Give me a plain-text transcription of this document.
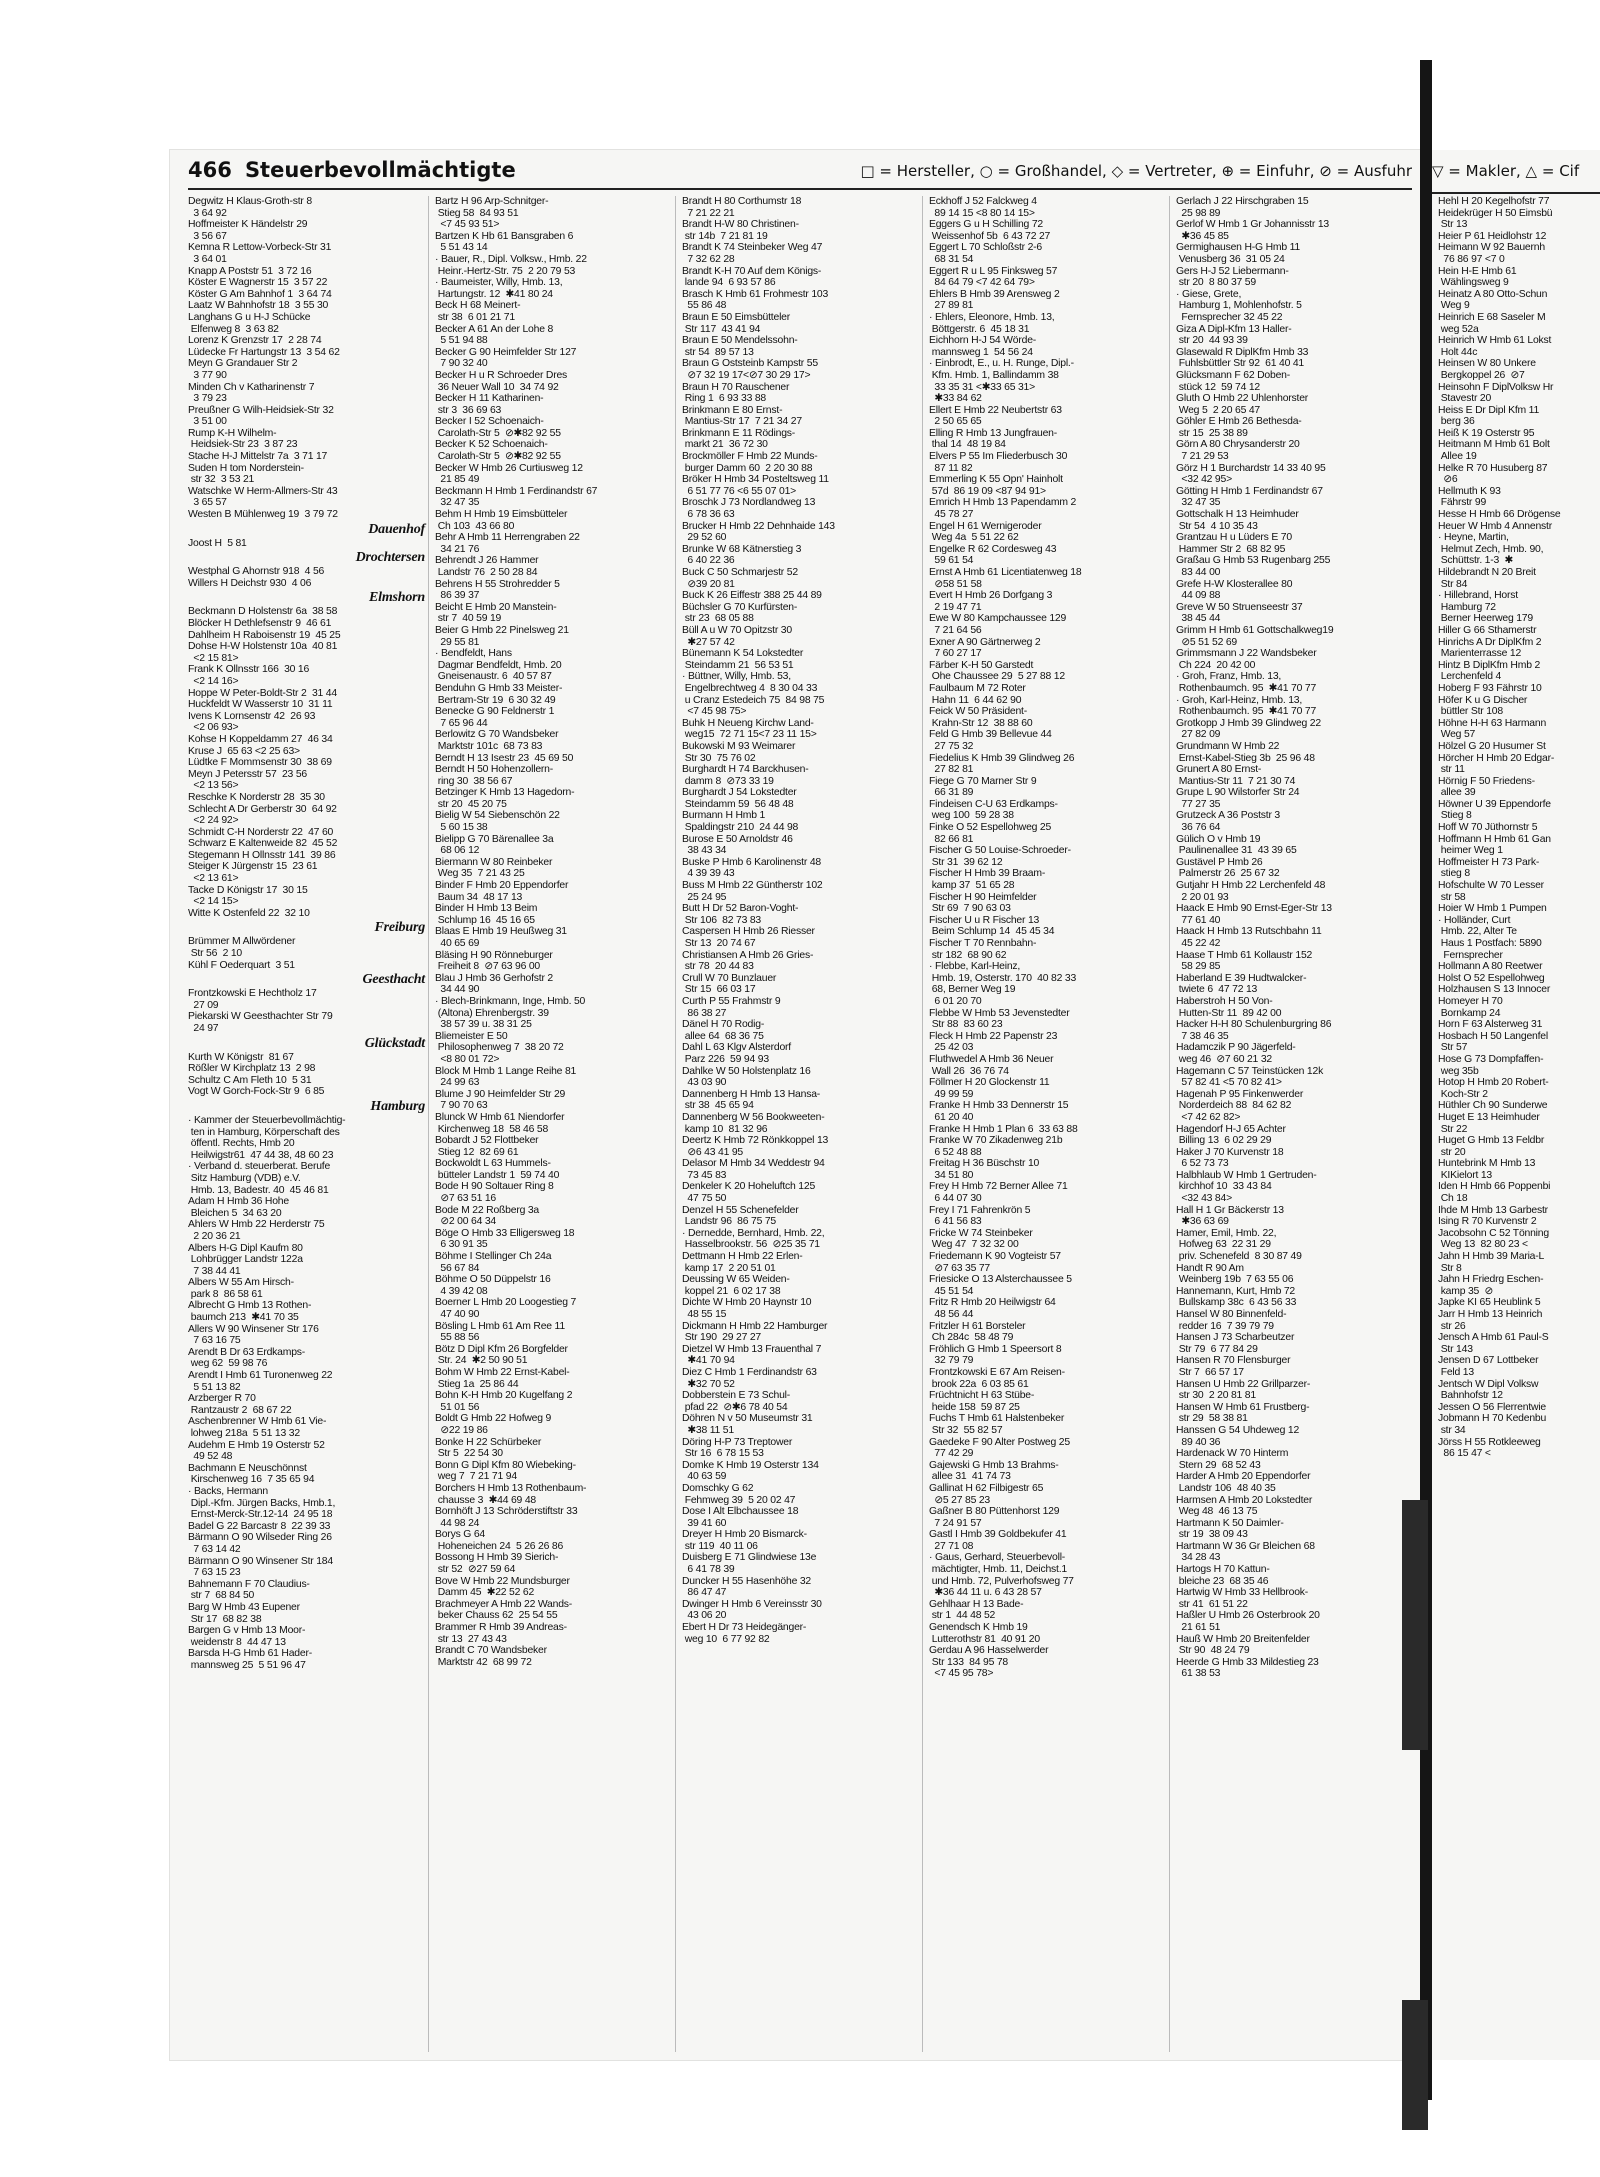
466 Steuerbevollmächtigte	□ = Hersteller, ○ = Großhandel, ◇ = Vertreter, ⊕ = Einfuhr, ⊘ = Ausfuhr
Degwitz H Klaus-Groth-str 8
3 64 92
Hoffmeister K Händelstr 29
3 56 67
Kemna R Lettow-Vorbeck-Str 31
3 64 01
Knapp A Poststr 51  3 72 16
Köster E Wagnerstr 15  3 57 22
Köster G Am Bahnhof 1  3 64 74
Laatz W Bahnhofstr 18  3 55 30
Langhans G u H-J Schücke
Elfenweg 8  3 63 82
Lorenz K Grenzstr 17  2 28 74
Lüdecke Fr Hartungstr 13  3 54 62
Meyn G Grandauer Str 2
3 77 90
Minden Ch v Katharinenstr 7
3 79 23
Preußner G Wilh-Heidsiek-Str 32
3 51 00
Rump K-H Wilhelm-
Heidsiek-Str 23  3 87 23
Stache H-J Mittelstr 7a  3 71 17
Suden H tom Norderstein-
str 32  3 53 21
Watschke W Herm-Allmers-Str 43
3 65 57
Westen B Mühlenweg 19  3 79 72
Dauenhof
Joost H  5 81
Drochtersen
Westphal G Ahornstr 918  4 56
Willers H Deichstr 930  4 06
Elmshorn
Beckmann D Holstenstr 6a  38 58
Blöcker H Dethlefsenstr 9  46 61
Dahlheim H Raboisenstr 19  45 25
Dohse H-W Holstenstr 10a  40 81
<2 15 81>
Frank K Ollnsstr 166  30 16
<2 14 16>
Hoppe W Peter-Boldt-Str 2  31 44
Huckfeldt W Wasserstr 10  31 11
Ivens K Lornsenstr 42  26 93
<2 06 93>
Kohse H Koppeldamm 27  46 34
Kruse J  65 63 <2 25 63>
Lüdtke F Mommsenstr 30  38 69
Meyn J Petersstr 57  23 56
<2 13 56>
Reschke K Norderstr 28  35 30
Schlecht A Dr Gerberstr 30  64 92
<2 24 92>
Schmidt C-H Norderstr 22  47 60
Schwarz E Kaltenweide 82  45 52
Stegemann H Ollnsstr 141  39 86
Steiger K Jürgenstr 15  23 61
<2 13 61>
Tacke D Königstr 17  30 15
<2 14 15>
Witte K Ostenfeld 22  32 10
Freiburg
Brümmer M Allwördener
Str 56  2 10
Kühl F Oederquart  3 51
Geesthacht
Frontzkowski E Hechtholz 17
27 09
Piekarski W Geesthachter Str 79
24 97
Glückstadt
Kurth W Königstr  81 67
Rößler W Kirchplatz 13  2 98
Schultz C Am Fleth 10  5 31
Vogt W Gorch-Fock-Str 9  6 85
Hamburg
· Kammer der Steuerbevollmächtig-
ten in Hamburg, Körperschaft des
öffentl. Rechts, Hmb 20
Heilwigstr61  47 44 38, 48 60 23
· Verband d. steuerberat. Berufe
Sitz Hamburg (VDB) e.V.
Hmb. 13, Badestr. 40  45 46 81
Adam H Hmb 36 Hohe
Bleichen 5  34 63 20
Ahlers W Hmb 22 Herderstr 75
2 20 36 21
Albers H-G Dipl Kaufm 80
Lohbrügger Landstr 122a
7 38 44 41
Albers W 55 Am Hirsch-
park 8  86 58 61
Albrecht G Hmb 13 Rothen-
baumch 213  ✱41 70 35
Allers W 90 Winsener Str 176
7 63 16 75
Arendt B Dr 63 Erdkamps-
weg 62  59 98 76
Arendt I Hmb 61 Turonenweg 22
5 51 13 82
Arzberger R 70
Rantzaustr 2  68 67 22
Aschenbrenner W Hmb 61 Vie-
lohweg 218a  5 51 13 32
Audehm E Hmb 19 Osterstr 52
49 52 48
Bachmann E Neuschönnst
Kirschenweg 16  7 35 65 94
· Backs, Hermann
Dipl.-Kfm. Jürgen Backs, Hmb.1,
Ernst-Merck-Str.12-14  24 95 18
Badel G 22 Barcastr 8  22 39 33
Bärmann O 90 Wilseder Ring 26
7 63 14 42
Bärmann O 90 Winsener Str 184
7 63 15 23
Bahnemann F 70 Claudius-
str 7  68 84 50
Barg W Hmb 43 Eupener
Str 17  68 82 38
Bargen G v Hmb 13 Moor-
weidenstr 8  44 47 13
Barsda H-G Hmb 61 Hader-
mannsweg 25  5 51 96 47
Bartz H 96 Arp-Schnitger-
Stieg 58  84 93 51
<7 45 93 51>
Bartzen K Hb 61 Bansgraben 6
5 51 43 14
· Bauer, R., Dipl. Volksw., Hmb. 22
Heinr.-Hertz-Str. 75  2 20 79 53
· Baumeister, Willy, Hmb. 13,
Hartungstr. 12  ✱41 80 24
Beck H 68 Meinert-
str 38  6 01 21 71
Becker A 61 An der Lohe 8
5 51 94 88
Becker G 90 Heimfelder Str 127
7 90 32 40
Becker H u R Schroeder Dres
36 Neuer Wall 10  34 74 92
Becker H 11 Katharinen-
str 3  36 69 63
Becker I 52 Schoenaich-
Carolath-Str 5  ⊘✱82 92 55
Becker K 52 Schoenaich-
Carolath-Str 5  ⊘✱82 92 55
Becker W Hmb 26 Curtiusweg 12
21 85 49
Beckmann H Hmb 1 Ferdinandstr 67
32 47 35
Behm H Hmb 19 Eimsbütteler
Ch 103  43 66 80
Behr A Hmb 11 Herrengraben 22
34 21 76
Behrendt J 26 Hammer
Landstr 76  2 50 28 84
Behrens H 55 Strohredder 5
86 39 37
Beicht E Hmb 20 Manstein-
str 7  40 59 19
Beier G Hmb 22 Pinelsweg 21
29 55 81
· Bendfeldt, Hans
Dagmar Bendfeldt, Hmb. 20
Gneisenaustr. 6  40 57 87
Benduhn G Hmb 33 Meister-
Bertram-Str 19  6 30 32 49
Benecke G 90 Feldnerstr 1
7 65 96 44
Berlowitz G 70 Wandsbeker
Marktstr 101c  68 73 83
Berndt H 13 Isestr 23  45 69 50
Berndt H 50 Hohenzollern-
ring 30  38 56 67
Betzinger K Hmb 13 Hagedorn-
str 20  45 20 75
Bielig W 54 Siebenschön 22
5 60 15 38
Bielipp G 70 Bärenallee 3a
68 06 12
Biermann W 80 Reinbeker
Weg 35  7 21 43 25
Binder F Hmb 20 Eppendorfer
Baum 34  48 17 13
Binder H Hmb 13 Beim
Schlump 16  45 16 65
Blaas E Hmb 19 Heußweg 31
40 65 69
Bläsing H 90 Rönneburger
Freiheit 8  ⊘7 63 96 00
Blau J Hmb 36 Gerhofstr 2
34 44 90
· Blech-Brinkmann, Inge, Hmb. 50
(Altona) Ehrenbergstr. 39
38 57 39 u. 38 31 25
Bliemeister E 50
Philosophenweg 7  38 20 72
<8 80 01 72>
Block M Hmb 1 Lange Reihe 81
24 99 63
Blume J 90 Heimfelder Str 29
7 90 70 63
Blunck W Hmb 61 Niendorfer
Kirchenweg 18  58 46 58
Bobardt J 52 Flottbeker
Stieg 12  82 69 61
Bockwoldt L 63 Hummels-
bütteler Landstr 1  59 74 40
Bode H 90 Soltauer Ring 8
⊘7 63 51 16
Bode M 22 Roßberg 3a
⊘2 00 64 34
Böge O Hmb 33 Elligersweg 18
6 30 91 35
Böhme I Stellinger Ch 24a
56 67 84
Böhme O 50 Düppelstr 16
4 39 42 08
Boerner L Hmb 20 Loogestieg 7
47 40 90
Bösling L Hmb 61 Am Ree 11
55 88 56
Bötz D Dipl Kfm 26 Borgfelder
Str. 24  ✱2 50 90 51
Bohm W Hmb 22 Ernst-Kabel-
Stieg 1a  25 86 44
Bohn K-H Hmb 20 Kugelfang 2
51 01 56
Boldt G Hmb 22 Hofweg 9
⊘22 19 86
Bonke H 22 Schürbeker
Str 5  22 54 30
Bonn G Dipl Kfm 80 Wiebeking-
weg 7  7 21 71 94
Borchers H Hmb 13 Rothenbaum-
chausse 3  ✱44 69 48
Bornhöft J 13 Schröderstiftstr 33
44 98 24
Borys G 64
Hoheneichen 24  5 26 26 86
Bossong H Hmb 39 Sierich-
str 52  ⊘27 59 64
Bove W Hmb 22 Mundsburger
Damm 45  ✱22 52 62
Brachmeyer A Hmb 22 Wands-
beker Chauss 62  25 54 55
Brammer R Hmb 39 Andreas-
str 13  27 43 43
Brandt C 70 Wandsbeker
Marktstr 42  68 99 72
Brandt H 80 Corthumstr 18
7 21 22 21
Brandt H-W 80 Christinen-
str 14b  7 21 81 19
Brandt K 74 Steinbeker Weg 47
7 32 62 28
Brandt K-H 70 Auf dem Königs-
lande 94  6 93 57 86
Brasch K Hmb 61 Frohmestr 103
55 86 48
Braun E 50 Eimsbütteler
Str 117  43 41 94
Braun E 50 Mendelssohn-
str 54  89 57 13
Braun G Oststeinb Kampstr 55
⊘7 32 19 17<⊘7 30 29 17>
Braun H 70 Rauschener
Ring 1  6 93 33 88
Brinkmann E 80 Ernst-
Mantius-Str 17  7 21 34 27
Brinkmann E 11 Rödings-
markt 21  36 72 30
Brockmöller F Hmb 22 Munds-
burger Damm 60  2 20 30 88
Bröker H Hmb 34 Posteltsweg 11
6 51 77 76 <6 55 07 01>
Broschk J 73 Nordlandweg 13
6 78 36 63
Brucker H Hmb 22 Dehnhaide 143
29 52 60
Brunke W 68 Kätnerstieg 3
6 40 22 36
Buck C 50 Schmarjestr 52
⊘39 20 81
Buck K 26 Eiffestr 388 25 44 89
Büchsler G 70 Kurfürsten-
str 23  68 05 88
Büll A u W 70 Opitzstr 30
✱27 57 42
Bünemann K 54 Lokstedter
Steindamm 21  56 53 51
· Büttner, Willy, Hmb. 53,
Engelbrechtweg 4  8 30 04 33
u Cranz Estedeich 75  84 98 75
<7 45 98 75>
Buhk H Neueng Kirchw Land-
weg15  72 71 15<7 23 11 15>
Bukowski M 93 Weimarer
Str 30  75 76 02
Burghardt H 74 Barckhusen-
damm 8  ⊘73 33 19
Burghardt J 54 Lokstedter
Steindamm 59  56 48 48
Burmann H Hmb 1
Spaldingstr 210  24 44 98
Burose E 50 Arnoldstr 46
38 43 34
Buske P Hmb 6 Karolinenstr 48
4 39 39 43
Buss M Hmb 22 Güntherstr 102
25 24 95
Butt H Dr 52 Baron-Voght-
Str 106  82 73 83
Caspersen H Hmb 26 Riesser
Str 13  20 74 67
Christiansen A Hmb 26 Gries-
str 78  20 44 83
Crull W 70 Bunzlauer
Str 15  66 03 17
Curth P 55 Frahmstr 9
86 38 27
Dänel H 70 Rodig-
allee 64  68 36 75
Dahl L 63 Klgv Alsterdorf
Parz 226  59 94 93
Dahlke W 50 Holstenplatz 16
43 03 90
Dannenberg H Hmb 13 Hansa-
str 38  45 65 94
Dannenberg W 56 Bookweeten-
kamp 10  81 32 96
Deertz K Hmb 72 Rönkkoppel 13
⊘6 43 41 95
Delasor M Hmb 34 Weddestr 94
73 45 83
Denkeler K 20 Hoheluftch 125
47 75 50
Denzel H 55 Schenefelder
Landstr 96  86 75 75
· Dernedde, Bernhard, Hmb. 22,
Hasselbrookstr. 56  ⊘25 35 71
Dettmann H Hmb 22 Erlen-
kamp 17  2 20 51 01
Deussing W 65 Weiden-
koppel 21  6 02 17 38
Dichte W Hmb 20 Haynstr 10
48 55 15
Dickmann H Hmb 22 Hamburger
Str 190  29 27 27
Dietzel W Hmb 13 Frauenthal 7
✱41 70 94
Diez C Hmb 1 Ferdinandstr 63
✱32 70 52
Dobberstein E 73 Schul-
pfad 22  ⊘✱6 78 40 54
Döhren N v 50 Museumstr 31
✱38 11 51
Döring H-P 73 Treptower
Str 16  6 78 15 53
Domke K Hmb 19 Osterstr 134
40 63 59
Domschky G 62
Fehmweg 39  5 20 02 47
Dose I Alt Elbchaussee 18
39 41 60
Dreyer H Hmb 20 Bismarck-
str 119  40 11 06
Duisberg E 71 Glindwiese 13e
6 41 78 39
Duncker H 55 Hasenhöhe 32
86 47 47
Dwinger H Hmb 6 Vereinsstr 30
43 06 20
Ebert H Dr 73 Heidegänger-
weg 10  6 77 92 82
Eckhoff J 52 Falckweg 4
89 14 15 <8 80 14 15>
Eggers G u H Schilling 72
Weissenhof 5b  6 43 72 27
Eggert L 70 Schloßstr 2-6
68 31 54
Eggert R u L 95 Finksweg 57
84 64 79 <7 42 64 79>
Ehlers B Hmb 39 Arensweg 2
27 89 81
· Ehlers, Eleonore, Hmb. 13,
Böttgerstr. 6  45 18 31
Eichhorn H-J 54 Wörde-
mannsweg 1  54 56 24
· Einbrodt, E., u. H. Runge, Dipl.-
Kfm. Hmb. 1, Ballindamm 38
33 35 31 <✱33 65 31>
✱33 84 62
Ellert E Hmb 22 Neubertstr 63
2 50 65 65
Elling R Hmb 13 Jungfrauen-
thal 14  48 19 84
Elvers P 55 Im Fliederbusch 30
87 11 82
Emmerling K 55 Opn' Hainholt
57d  86 19 09 <87 94 91>
Emrich H Hmb 13 Papendamm 2
45 78 27
Engel H 61 Wernigeroder
Weg 4a  5 51 22 62
Engelke R 62 Cordesweg 43
59 61 54
Ernst A Hmb 61 Licentiatenweg 18
⊘58 51 58
Evert H Hmb 26 Dorfgang 3
2 19 47 71
Ewe W 80 Kampchaussee 129
7 21 64 56
Exner A 90 Gärtnerweg 2
7 60 27 17
Färber K-H 50 Garstedt
Ohe Chaussee 29  5 27 88 12
Faulbaum M 72 Roter
Hahn 11  6 44 62 90
Feick W 50 Präsident-
Krahn-Str 12  38 88 60
Feld G Hmb 39 Bellevue 44
27 75 32
Fiedelius K Hmb 39 Glindweg 26
27 82 81
Fiege G 70 Marner Str 9
66 31 89
Findeisen C-U 63 Erdkamps-
weg 100  59 28 38
Finke O 52 Espellohweg 25
82 66 81
Fischer G 50 Louise-Schroeder-
Str 31  39 62 12
Fischer H Hmb 39 Braam-
kamp 37  51 65 28
Fischer H 90 Heimfelder
Str 69  7 90 63 03
Fischer U u R Fischer 13
Beim Schlump 14  45 45 34
Fischer T 70 Rennbahn-
str 182  68 90 62
· Flebbe, Karl-Heinz,
Hmb. 19, Osterstr. 170  40 82 33
68, Berner Weg 19
6 01 20 70
Flebbe W Hmb 53 Jevenstedter
Str 88  83 60 23
Fleck H Hmb 22 Papenstr 23
25 42 03
Fluthwedel A Hmb 36 Neuer
Wall 26  36 76 74
Föllmer H 20 Glockenstr 11
49 99 59
Franke H Hmb 33 Dennerstr 15
61 20 40
Franke H Hmb 1 Plan 6  33 63 88
Franke W 70 Zikadenweg 21b
6 52 48 88
Freitag H 36 Büschstr 10
34 51 80
Frey H Hmb 72 Berner Allee 71
6 44 07 30
Frey I 71 Fahrenkrön 5
6 41 56 83
Fricke W 74 Steinbeker
Weg 47  7 32 32 00
Friedemann K 90 Vogteistr 57
⊘7 63 35 77
Friesicke O 13 Alsterchaussee 5
45 51 54
Fritz R Hmb 20 Heilwigstr 64
48 56 44
Fritzler H 61 Borsteler
Ch 284c  58 48 79
Fröhlich G Hmb 1 Speersort 8
32 79 79
Frontzkowski E 67 Am Reisen-
brook 22a  6 03 85 61
Früchtnicht H 63 Stübe-
heide 158  59 87 25
Fuchs T Hmb 61 Halstenbeker
Str 32  55 82 57
Gaedeke F 90 Alter Postweg 25
77 42 29
Gajewski G Hmb 13 Brahms-
allee 31  41 74 73
Gallinat H 62 Filbigestr 65
⊘5 27 85 23
Gaßner B 80 Püttenhorst 129
7 24 91 57
Gastl I Hmb 39 Goldbekufer 41
27 71 08
· Gaus, Gerhard, Steuerbevoll-
mächtigter, Hmb. 11, Deichst.1
und Hmb. 72, Pulverhofsweg 77
✱36 44 11 u. 6 43 28 57
Gehlhaar H 13 Bade-
str 1  44 48 52
Genendsch K Hmb 19
Lutterothstr 81  40 91 20
Gerdau A 96 Hasselwerder
Str 133  84 95 78
<7 45 95 78>
Gerlach J 22 Hirschgraben 15
25 98 89
Gerlof W Hmb 1 Gr Johannisstr 13
✱36 45 85
Germighausen H-G Hmb 11
Venusberg 36  31 05 24
Gers H-J 52 Liebermann-
str 20  8 80 37 59
· Giese, Grete,
Hamburg 1, Mohlenhofstr. 5
Fernsprecher 32 45 22
Giza A Dipl-Kfm 13 Haller-
str 20  44 93 39
Glasewald R DiplKfm Hmb 33
Fuhlsbüttler Str 92  61 40 41
Glücksmann F 62 Doben-
stück 12  59 74 12
Gluth O Hmb 22 Uhlenhorster
Weg 5  2 20 65 47
Göhler E Hmb 26 Bethesda-
str 15  25 38 89
Görn A 80 Chrysanderstr 20
7 21 29 53
Görz H 1 Burchardstr 14 33 40 95
<32 42 95>
Götting H Hmb 1 Ferdinandstr 67
32 47 35
Gottschalk H 13 Heimhuder
Str 54  4 10 35 43
Grantzau H u Lüders E 70
Hammer Str 2  68 82 95
Graßau G Hmb 53 Rugenbarg 255
83 44 00
Grefe H-W Klosterallee 80
44 09 88
Greve W 50 Struenseestr 37
38 45 44
Grimm H Hmb 61 Gottschalkweg19
⊘5 51 52 69
Grimmsmann J 22 Wandsbeker
Ch 224  20 42 00
· Groh, Franz, Hmb. 13,
Rothenbaumch. 95  ✱41 70 77
· Groh, Karl-Heinz, Hmb. 13,
Rothenbaumch. 95  ✱41 70 77
Grotkopp J Hmb 39 Glindweg 22
27 82 09
Grundmann W Hmb 22
Ernst-Kabel-Stieg 3b  25 96 48
Grunert A 80 Ernst-
Mantius-Str 11  7 21 30 74
Grupe L 90 Wilstorfer Str 24
77 27 35
Grutzeck A 36 Poststr 3
36 76 64
Gülich O v Hmb 19
Paulinenallee 31  43 39 65
Gustävel P Hmb 26
Palmerstr 26  25 67 32
Gutjahr H Hmb 22 Lerchenfeld 48
2 20 01 93
Haack E Hmb 90 Ernst-Eger-Str 13
77 61 40
Haack H Hmb 13 Rutschbahn 11
45 22 42
Haase T Hmb 61 Kollaustr 152
58 29 85
Haberland E 39 Hudtwalcker-
twiete 6  47 72 13
Haberstroh H 50 Von-
Hutten-Str 11  89 42 00
Hacker H-H 80 Schulenburgring 86
7 38 46 35
Hadamczik P 90 Jägerfeld-
weg 46  ⊘7 60 21 32
Hagemann C 57 Teinstücken 12k
57 82 41 <5 70 82 41>
Hagenah P 95 Finkenwerder
Norderdeich 88  84 62 82
<7 42 62 82>
Hagendorf H-J 65 Achter
Billing 13  6 02 29 29
Haker J 70 Kurvenstr 18
6 52 73 73
Halbhlaub W Hmb 1 Gertruden-
kirchhof 10  33 43 84
<32 43 84>
Hall H 1 Gr Bäckerstr 13
✱36 63 69
Hamer, Emil, Hmb. 22,
Hofweg 63  22 31 29
priv. Schenefeld  8 30 87 49
Handt R 90 Am
Weinberg 19b  7 63 55 06
Hannemann, Kurt, Hmb 72
Bullskamp 38c  6 43 56 33
Hansel W 80 Binnenfeld-
redder 16  7 39 79 79
Hansen J 73 Scharbeutzer
Str 79  6 77 84 29
Hansen R 70 Flensburger
Str 7  66 57 17
Hansen U Hmb 22 Grillparzer-
str 30  2 20 81 81
Hansen W Hmb 61 Frustberg-
str 29  58 38 81
Hanssen G 54 Uhdeweg 12
89 40 36
Hardenack W 70 Hinterm
Stern 29  68 52 43
Harder A Hmb 20 Eppendorfer
Landstr 106  48 40 35
Harmsen A Hmb 20 Lokstedter
Weg 48  46 13 75
Hartmann K 50 Daimler-
str 19  38 09 43
Hartmann W 36 Gr Bleichen 68
34 28 43
Hartogs H 70 Kattun-
bleiche 23  68 35 46
Hartwig W Hmb 33 Hellbrook-
str 41  61 51 22
Haßler U Hmb 26 Osterbrook 20
21 61 51
Hauß W Hmb 20 Breitenfelder
Str 90  48 24 79
Heerde G Hmb 33 Mildestieg 23
61 38 53
▽ = Makler, △ = Cif
Hehl H 20 Kegelhofstr 77
Heidekrüger H 50 Eimsbü
Str 13
Heier P 61 Heidlohstr 12
Heimann W 92 Bauernh
76 86 97 <7 0
Hein H-E Hmb 61
Wählingsweg 9
Heinatz A 80 Otto-Schun
Weg 9
Heinrich E 68 Saseler M
weg 52a
Heinrich W Hmb 61 Lokst
Holt 44c
Heinsen W 80 Unkere
Bergkoppel 26  ⊘7
Heinsohn F DiplVolksw Hr
Stavestr 20
Heiss E Dr Dipl Kfm 11
berg 36
Heiß K 19 Osterstr 95
Heitmann M Hmb 61 Bolt
Allee 19
Helke R 70 Husuberg 87
⊘6
Hellmuth K 93
Fährstr 99
Hesse H Hmb 66 Drögense
Heuer W Hmb 4 Annenstr
· Heyne, Martin,
Helmut Zech, Hmb. 90,
Schüttstr. 1-3  ✱
Hildebrandt N 20 Breit
Str 84
· Hillebrand, Horst
Hamburg 72
Berner Heerweg 179
Hiller G 66 Sthamerstr
Hinrichs A Dr DiplKfm 2
Marienterrasse 12
Hintz B DiplKfm Hmb 2
Lerchenfeld 4
Hoberg F 93 Fährstr 10
Höfer K u G Discher
büttler Str 108
Höhne H-H 63 Harmann
Weg 57
Hölzel G 20 Husumer St
Hörcher H Hmb 20 Edgar-
str 11
Hörnig F 50 Friedens-
allee 39
Höwner U 39 Eppendorfe
Stieg 8
Hoff W 70 Jüthornstr 5
Hoffmann H Hmb 61 Gan
heimer Weg 1
Hoffmeister H 73 Park-
stieg 8
Hofschulte W 70 Lesser
str 58
Hoier W Hmb 1 Pumpen
· Holländer, Curt
Hmb. 22, Alter Te
Haus 1 Postfach: 5890
Fernsprecher
Hollmann A 80 Reetwer
Holst O 52 Espellohweg
Holzhausen S 13 Innocer
Homeyer H 70
Bornkamp 24
Horn F 63 Alsterweg 31
Hosbach H 50 Langenfel
Str 57
Hose G 73 Dompfaffen-
weg 35b
Hotop H Hmb 20 Robert-
Koch-Str 2
Hüthler Ch 90 Sunderwe
Huget E 13 Heimhuder
Str 22
Huget G Hmb 13 Feldbr
str 20
Huntebrink M Hmb 13
KIKielort 13
Iden H Hmb 66 Poppenbi
Ch 18
Ihde M Hmb 13 Garbestr
Ising R 70 Kurvenstr 2
Jacobsohn C 52 Tönning
Weg 13  82 80 23 <
Jahn H Hmb 39 Maria-L
Str 8
Jahn H Friedrg Eschen-
kamp 35  ⊘
Japke KI 65 Heublink 5
Jarr H Hmb 13 Heinrich
str 26
Jensch A Hmb 61 Paul-S
Str 143
Jensen D 67 Lottbeker
Feld 13
Jentsch W Dipl Volksw
Bahnhofstr 12
Jessen O 56 Flerrentwie
Jobmann H 70 Kedenbu
str 34
Jörss H 55 Rotkleeweg
86 15 47 <
